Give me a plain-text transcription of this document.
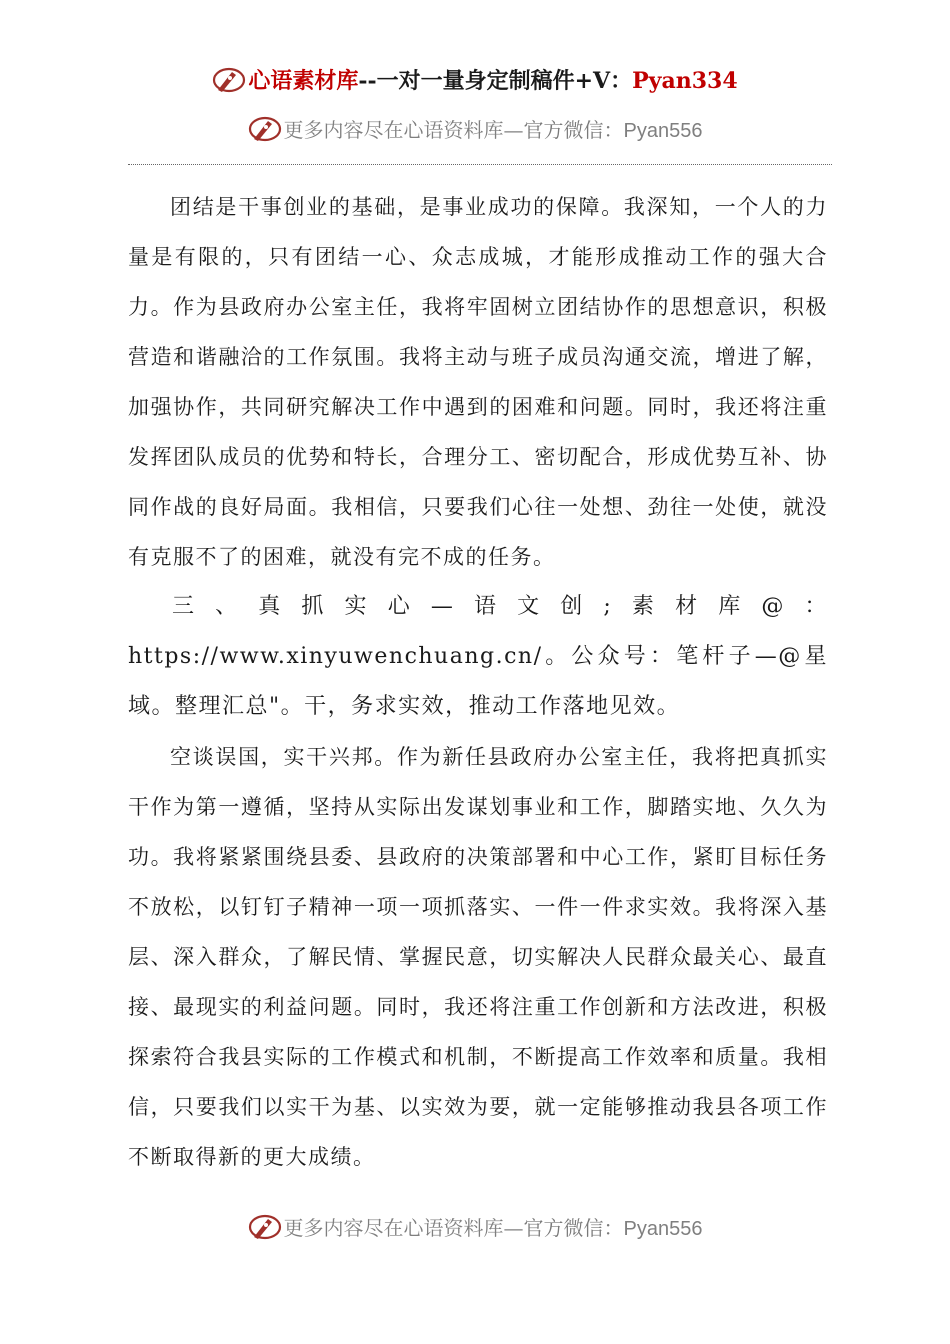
心语素材库--一对一量身定制稿件+V：Pyan334
更多内容尽在心语资料库—官方微信：Pyan556

团结是干事创业的基础，是事业成功的保障。我深知，一个人的力量是有限的，只有团结一心、众志成城，才能形成推动工作的强大合力。作为县政府办公室主任，我将牢固树立团结协作的思想意识，积极营造和谐融洽的工作氛围。我将主动与班子成员沟通交流，增进了解，加强协作，共同研究解决工作中遇到的困难和问题。同时，我还将注重发挥团队成员的优势和特长，合理分工、密切配合，形成优势互补、协同作战的良好局面。我相信，只要我们心往一处想、劲往一处使，就没有克服不了的困难，就没有完不成的任务。

三、真抓实心—语文创;素材库@：https://www.xinyuwenchuang.cn/。公众号：笔杆子—@星域。整理汇总"。干，务求实效，推动工作落地见效。

空谈误国，实干兴邦。作为新任县政府办公室主任，我将把真抓实干作为第一遵循，坚持从实际出发谋划事业和工作，脚踏实地、久久为功。我将紧紧围绕县委、县政府的决策部署和中心工作，紧盯目标任务不放松，以钉钉子精神一项一项抓落实、一件一件求实效。我将深入基层、深入群众，了解民情、掌握民意，切实解决人民群众最关心、最直接、最现实的利益问题。同时，我还将注重工作创新和方法改进，积极探索符合我县实际的工作模式和机制，不断提高工作效率和质量。我相信，只要我们以实干为基、以实效为要，就一定能够推动我县各项工作不断取得新的更大成绩。

更多内容尽在心语资料库—官方微信：Pyan556
